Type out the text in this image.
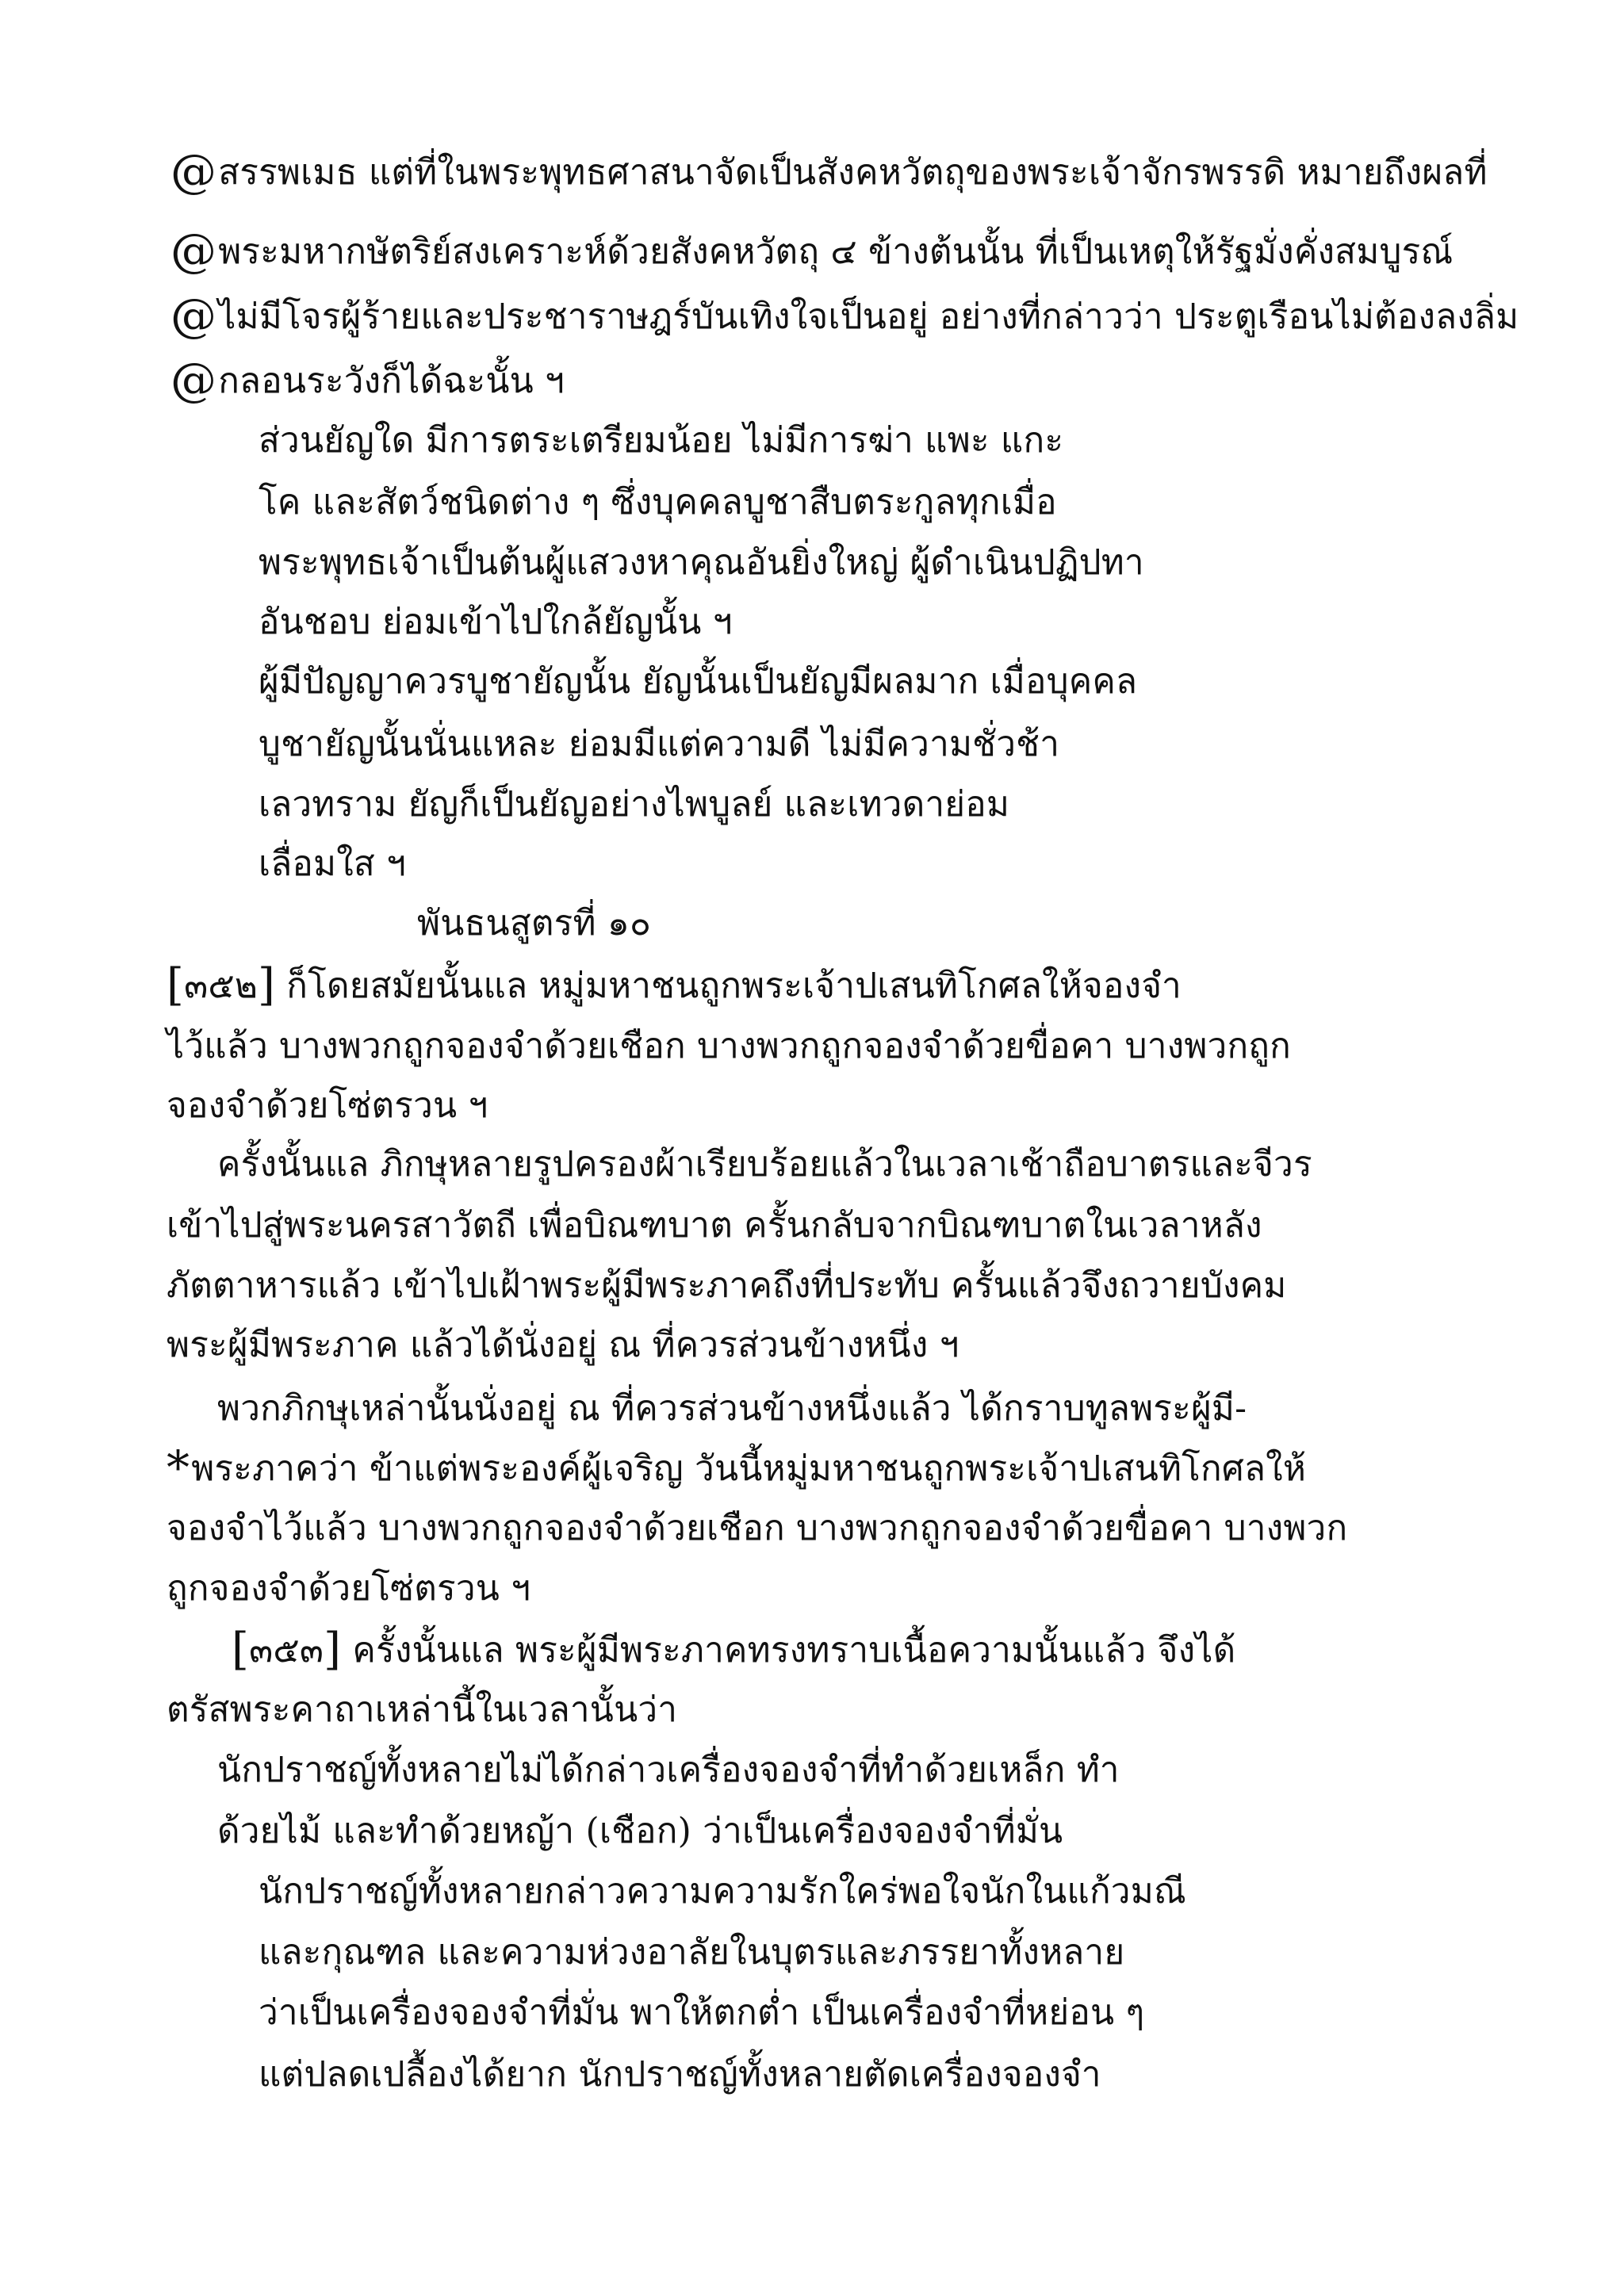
@สรรพเมธ แต่ที่ในพระพุทธศาสนาจัดเป็นสังคหวัตถุของพระเจ้าจักรพรรดิ หมายถึงผลที่
@พระมหากษัตริย์สงเคราะห์ด้วยสังคหวัตถุ ๔ ข้างต้นนั้น ที่เป็นเหตุให้รัฐมั่งคั่งสมบูรณ์
@ไม่มีโจรผู้ร้ายและประชาราษฎร์บันเทิงใจเป็นอยู่ อย่างที่กล่าวว่า ประตูเรือนไม่ต้องลงลิ่ม
@กลอนระวังก็ได้ฉะนั้น ฯ
ส่วนยัญใด มีการตระเตรียมน้อย ไม่มีการฆ่า แพะ แกะ
โค และสัตว์ชนิดต่าง ๆ ซึ่งบุคคลบูชาสืบตระกูลทุกเมื่อ
พระพุทธเจ้าเป็นต้นผู้แสวงหาคุณอันยิ่งใหญ่ ผู้ดำเนินปฏิปทา
อันชอบ ย่อมเข้าไปใกล้ยัญนั้น ฯ
ผู้มีปัญญาควรบูชายัญนั้น ยัญนั้นเป็นยัญมีผลมาก เมื่อบุคคล
บูชายัญนั้นนั่นแหละ ย่อมมีแต่ความดี ไม่มีความชั่วช้า
เลวทราม ยัญก็เป็นยัญอย่างไพบูลย์ และเทวดาย่อม
เลื่อมใส ฯ
พันธนสูตรที่ ๑๐
[๓๕๒] ก็โดยสมัยนั้นแล หมู่มหาชนถูกพระเจ้าปเสนทิโกศลให้จองจำ
ไว้แล้ว บางพวกถูกจองจำด้วยเชือก บางพวกถูกจองจำด้วยขื่อคา บางพวกถูก
จองจำด้วยโซ่ตรวน ฯ
ครั้งนั้นแล ภิกษุหลายรูปครองผ้าเรียบร้อยแล้วในเวลาเช้าถือบาตรและจีวร
เข้าไปสู่พระนครสาวัตถี เพื่อบิณฑบาต ครั้นกลับจากบิณฑบาตในเวลาหลัง
ภัตตาหารแล้ว เข้าไปเฝ้าพระผู้มีพระภาคถึงที่ประทับ ครั้นแล้วจึงถวายบังคม
พระผู้มีพระภาค แล้วได้นั่งอยู่ ณ ที่ควรส่วนข้างหนึ่ง ฯ
พวกภิกษุเหล่านั้นนั่งอยู่ ณ ที่ควรส่วนข้างหนึ่งแล้ว ได้กราบทูลพระผู้มี-
*พระภาคว่า ข้าแต่พระองค์ผู้เจริญ วันนี้หมู่มหาชนถูกพระเจ้าปเสนทิโกศลให้
จองจำไว้แล้ว บางพวกถูกจองจำด้วยเชือก บางพวกถูกจองจำด้วยขื่อคา บางพวก
ถูกจองจำด้วยโซ่ตรวน ฯ
[๓๕๓] ครั้งนั้นแล พระผู้มีพระภาคทรงทราบเนื้อความนั้นแล้ว จึงได้
ตรัสพระคาถาเหล่านี้ในเวลานั้นว่า
นักปราชญ์ทั้งหลายไม่ได้กล่าวเครื่องจองจำที่ทำด้วยเหล็ก ทำ
ด้วยไม้ และทำด้วยหญ้า (เชือก) ว่าเป็นเครื่องจองจำที่มั่น
นักปราชญ์ทั้งหลายกล่าวความความรักใคร่พอใจนักในแก้วมณี
และกุณฑล และความห่วงอาลัยในบุตรและภรรยาทั้งหลาย
ว่าเป็นเครื่องจองจำที่มั่น พาให้ตกต่ำ เป็นเครื่องจำที่หย่อน ๆ
แต่ปลดเปลื้องได้ยาก นักปราชญ์ทั้งหลายตัดเครื่องจองจำ
